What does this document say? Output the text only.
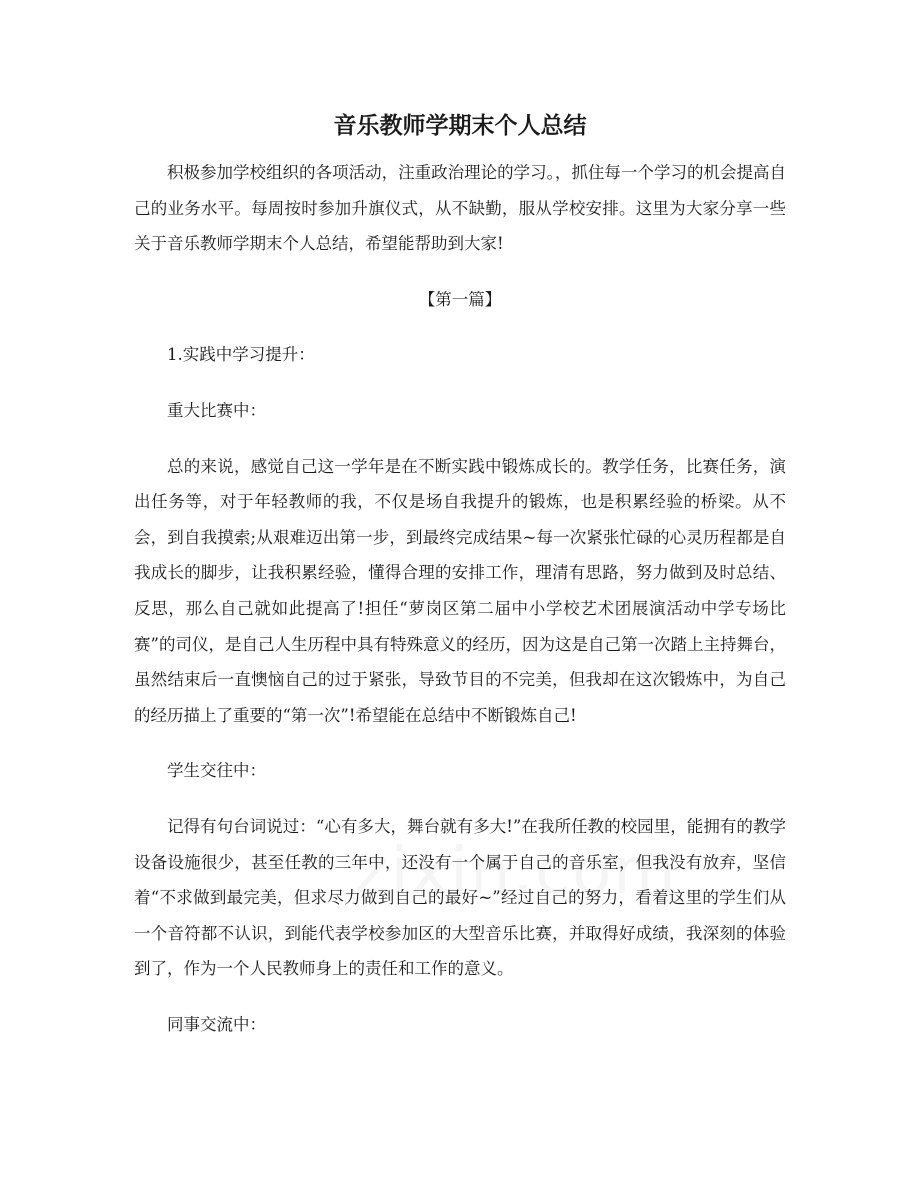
音乐教师学期末个人总结

积极参加学校组织的各项活动，注重政治理论的学习。，抓住每一个学习的机会提高自己的业务水平。每周按时参加升旗仪式，从不缺勤，服从学校安排。这里为大家分享一些关于音乐教师学期末个人总结，希望能帮助到大家!

【第一篇】

1.实践中学习提升：

重大比赛中：

总的来说，感觉自己这一学年是在不断实践中锻炼成长的。教学任务，比赛任务，演出任务等，对于年轻教师的我，不仅是场自我提升的锻炼，也是积累经验的桥梁。从不会，到自我摸索;从艰难迈出第一步，到最终完成结果~每一次紧张忙碌的心灵历程都是自我成长的脚步，让我积累经验，懂得合理的安排工作，理清有思路，努力做到及时总结、反思，那么自己就如此提高了!担任“萝岗区第二届中小学校艺术团展演活动中学专场比赛”的司仪，是自己人生历程中具有特殊意义的经历，因为这是自己第一次踏上主持舞台，虽然结束后一直懊恼自己的过于紧张，导致节目的不完美，但我却在这次锻炼中，为自己的经历描上了重要的“第一次”!希望能在总结中不断锻炼自己!

学生交往中：

记得有句台词说过：“心有多大，舞台就有多大!”在我所任教的校园里，能拥有的教学设备设施很少，甚至任教的三年中，还没有一个属于自己的音乐室，但我没有放弃，坚信着“不求做到最完美，但求尽力做到自己的最好~”经过自己的努力，看着这里的学生们从一个音符都不认识，到能代表学校参加区的大型音乐比赛，并取得好成绩，我深刻的体验到了，作为一个人民教师身上的责任和工作的意义。

同事交流中：
